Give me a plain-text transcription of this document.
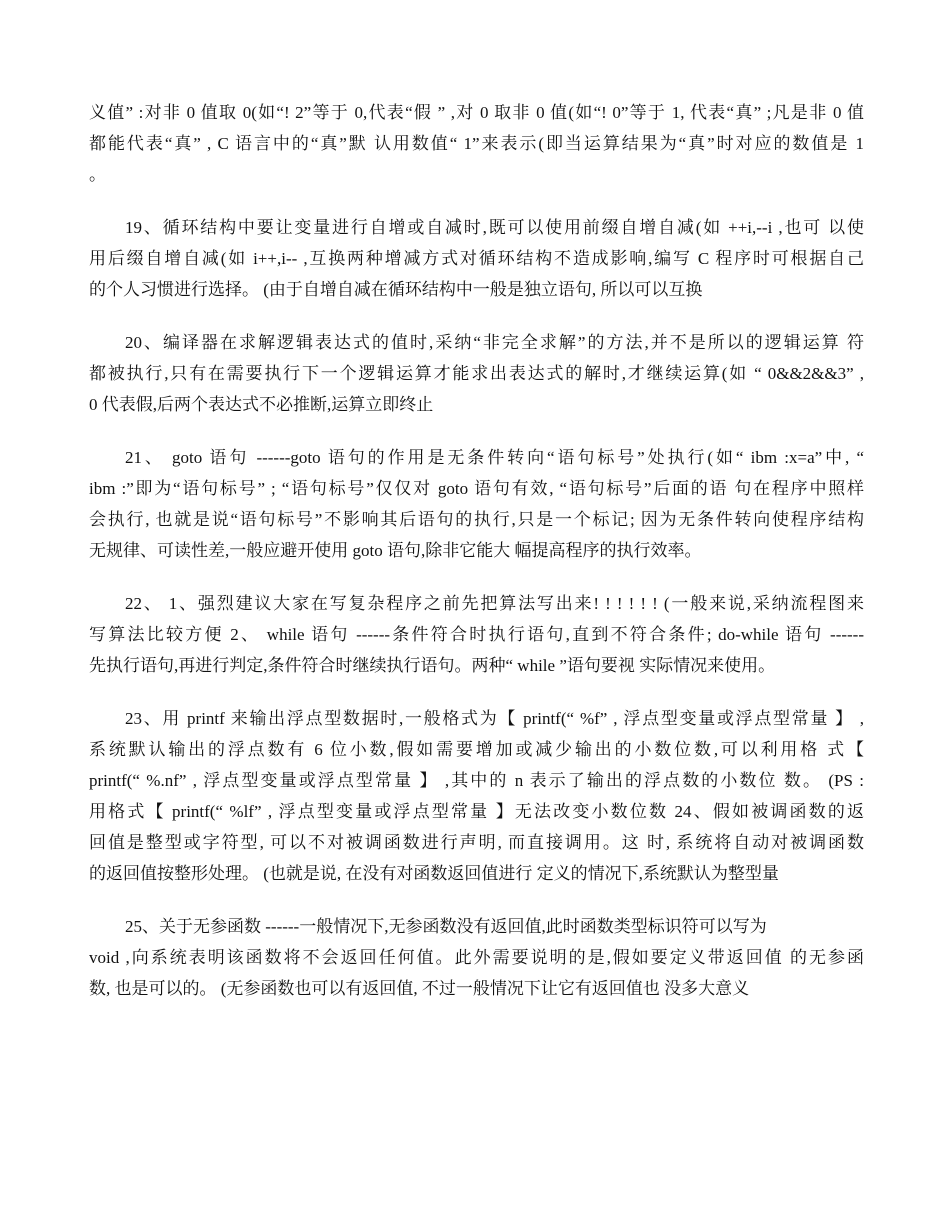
义值” :对非 0 值取 0(如“! 2”等于 0,代表“假 ” ,对 0 取非 0 值(如“! 0”等于 1, 代表“真” ;凡是非 0 值
都能代表“真” , C 语言中的“真”默 认用数值“ 1”来表示(即当运算结果为“真”时对应的数值是 1
。
19、循环结构中要让变量进行自增或自减时,既可以使用前缀自增自减(如 ++i,--i ,也可 以使
用后缀自增自减(如 i++,i-- ,互换两种增减方式对循环结构不造成影响,编写 C 程序时可根据自己
的个人习惯进行选择。 (由于自增自减在循环结构中一般是独立语句, 所以可以互换
20、编译器在求解逻辑表达式的值时,采纳“非完全求解”的方法,并不是所以的逻辑运算 符
都被执行,只有在需要执行下一个逻辑运算才能求出表达式的解时,才继续运算(如 “ 0&&2&&3” ,
0 代表假,后两个表达式不必推断,运算立即终止
21、 goto 语句 ------goto 语句的作用是无条件转向“语句标号”处执行(如“ ibm :x=a”中, “
ibm :”即为“语句标号” ; “语句标号”仅仅对 goto 语句有效, “语句标号”后面的语 句在程序中照样
会执行, 也就是说“语句标号”不影响其后语句的执行,只是一个标记; 因为无条件转向使程序结构
无规律、可读性差,一般应避开使用 goto 语句,除非它能大 幅提高程序的执行效率。
22、 1、强烈建议大家在写复杂程序之前先把算法写出来! ! ! ! ! ! (一般来说,采纳流程图来
写算法比较方便 2、 while 语句 ------条件符合时执行语句,直到不符合条件; do-while 语句 ------
先执行语句,再进行判定,条件符合时继续执行语句。两种“ while ”语句要视 实际情况来使用。
23、用 printf 来输出浮点型数据时,一般格式为【 printf(“ %f” , 浮点型变量或浮点型常量 】 ,
系统默认输出的浮点数有 6 位小数,假如需要增加或减少输出的小数位数,可以利用格 式【
printf(“ %.nf” , 浮点型变量或浮点型常量 】 ,其中的 n 表示了输出的浮点数的小数位 数。 (PS :
用格式【 printf(“ %lf” , 浮点型变量或浮点型常量 】无法改变小数位数 24、假如被调函数的返
回值是整型或字符型, 可以不对被调函数进行声明, 而直接调用。这 时, 系统将自动对被调函数
的返回值按整形处理。 (也就是说, 在没有对函数返回值进行 定义的情况下,系统默认为整型量
25、关于无参函数 ------一般情况下,无参函数没有返回值,此时函数类型标识符可以写为
void ,向系统表明该函数将不会返回任何值。此外需要说明的是,假如要定义带返回值 的无参函
数, 也是可以的。 (无参函数也可以有返回值, 不过一般情况下让它有返回值也 没多大意义
